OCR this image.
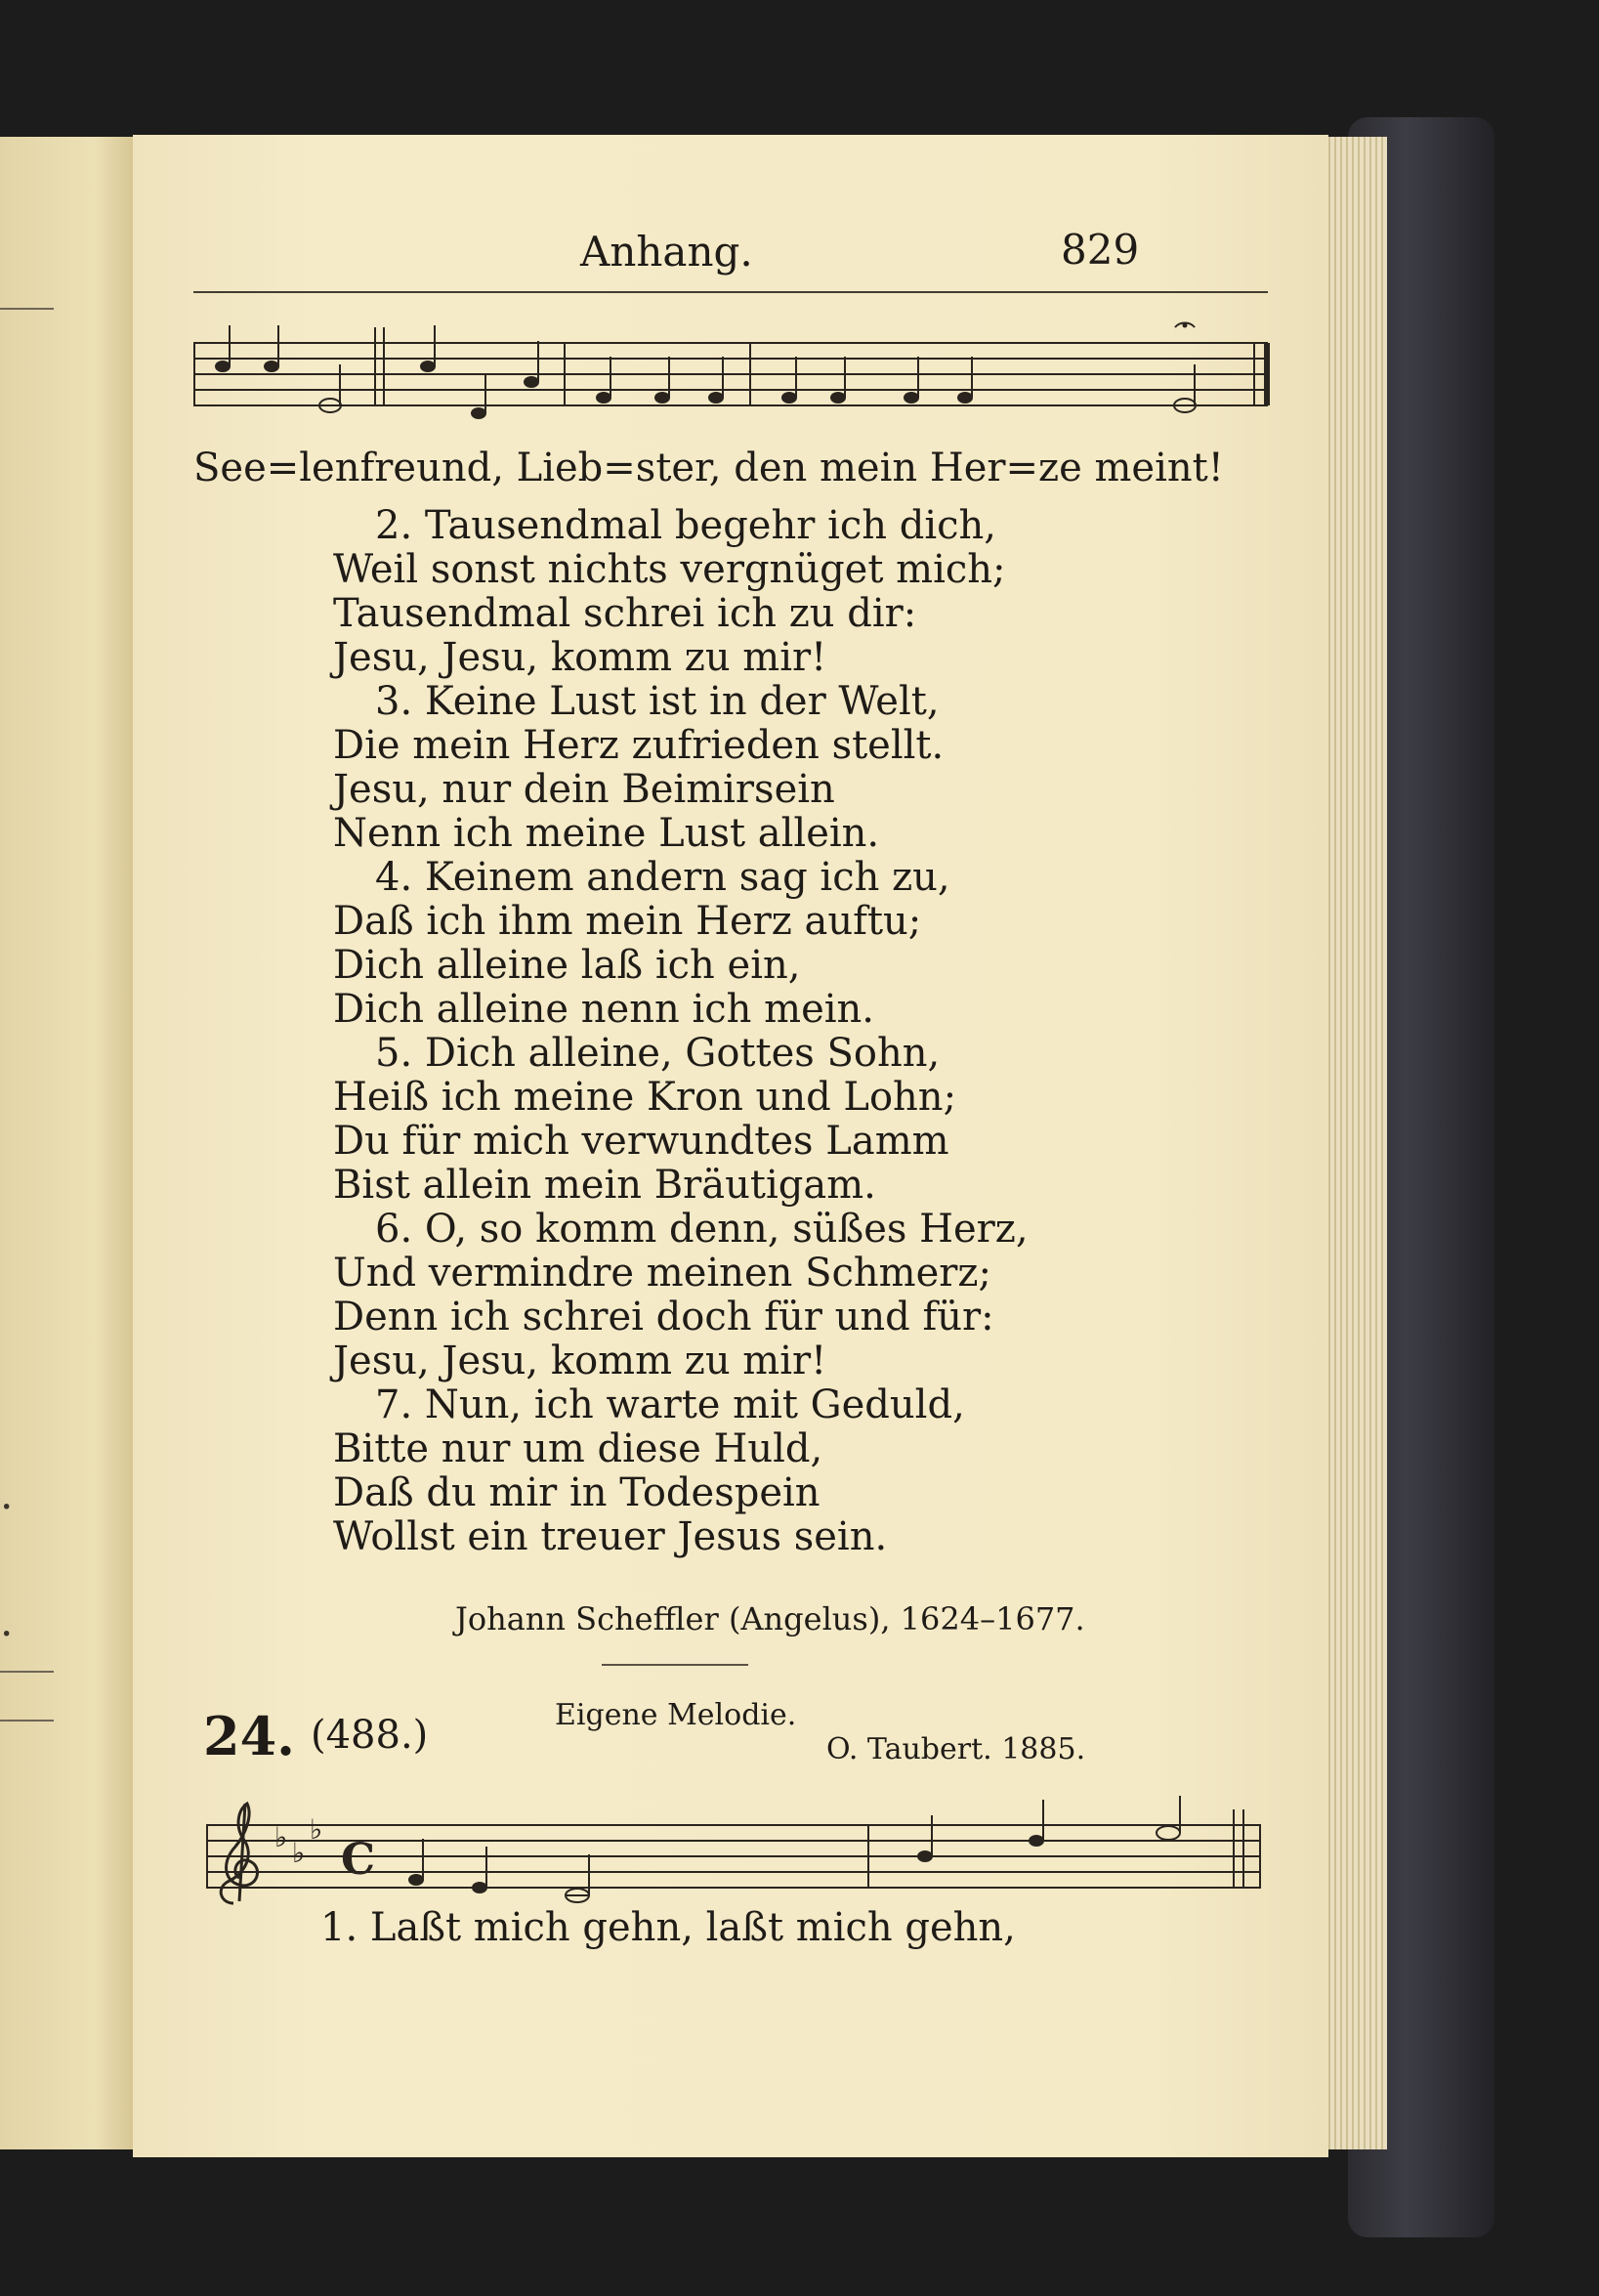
.
.
Anhang.	829
See=lenfreund, Lieb=ster, den mein Her=ze meint!
2. Tausendmal begehr ich dich,
Weil sonst nichts vergnüget mich;
Tausendmal schrei ich zu dir:
Jesu, Jesu, komm zu mir!
3. Keine Lust ist in der Welt,
Die mein Herz zufrieden stellt.
Jesu, nur dein Beimirsein
Nenn ich meine Lust allein.
4. Keinem andern sag ich zu,
Daß ich ihm mein Herz auftu;
Dich alleine laß ich ein,
Dich alleine nenn ich mein.
5. Dich alleine, Gottes Sohn,
Heiß ich meine Kron und Lohn;
Du für mich verwundtes Lamm
Bist allein mein Bräutigam.
6. O, so komm denn, süßes Herz,
Und vermindre meinen Schmerz;
Denn ich schrei doch für und für:
Jesu, Jesu, komm zu mir!
7. Nun, ich warte mit Geduld,
Bitte nur um diese Huld,
Daß du mir in Todespein
Wollst ein treuer Jesus sein.
Johann Scheffler (Angelus), 1624–1677.
24. (488.)	Eigene Melodie.
O. Taubert. 1885.
♭ ♭
♭
C
1. Laßt mich gehn, laßt mich gehn,
